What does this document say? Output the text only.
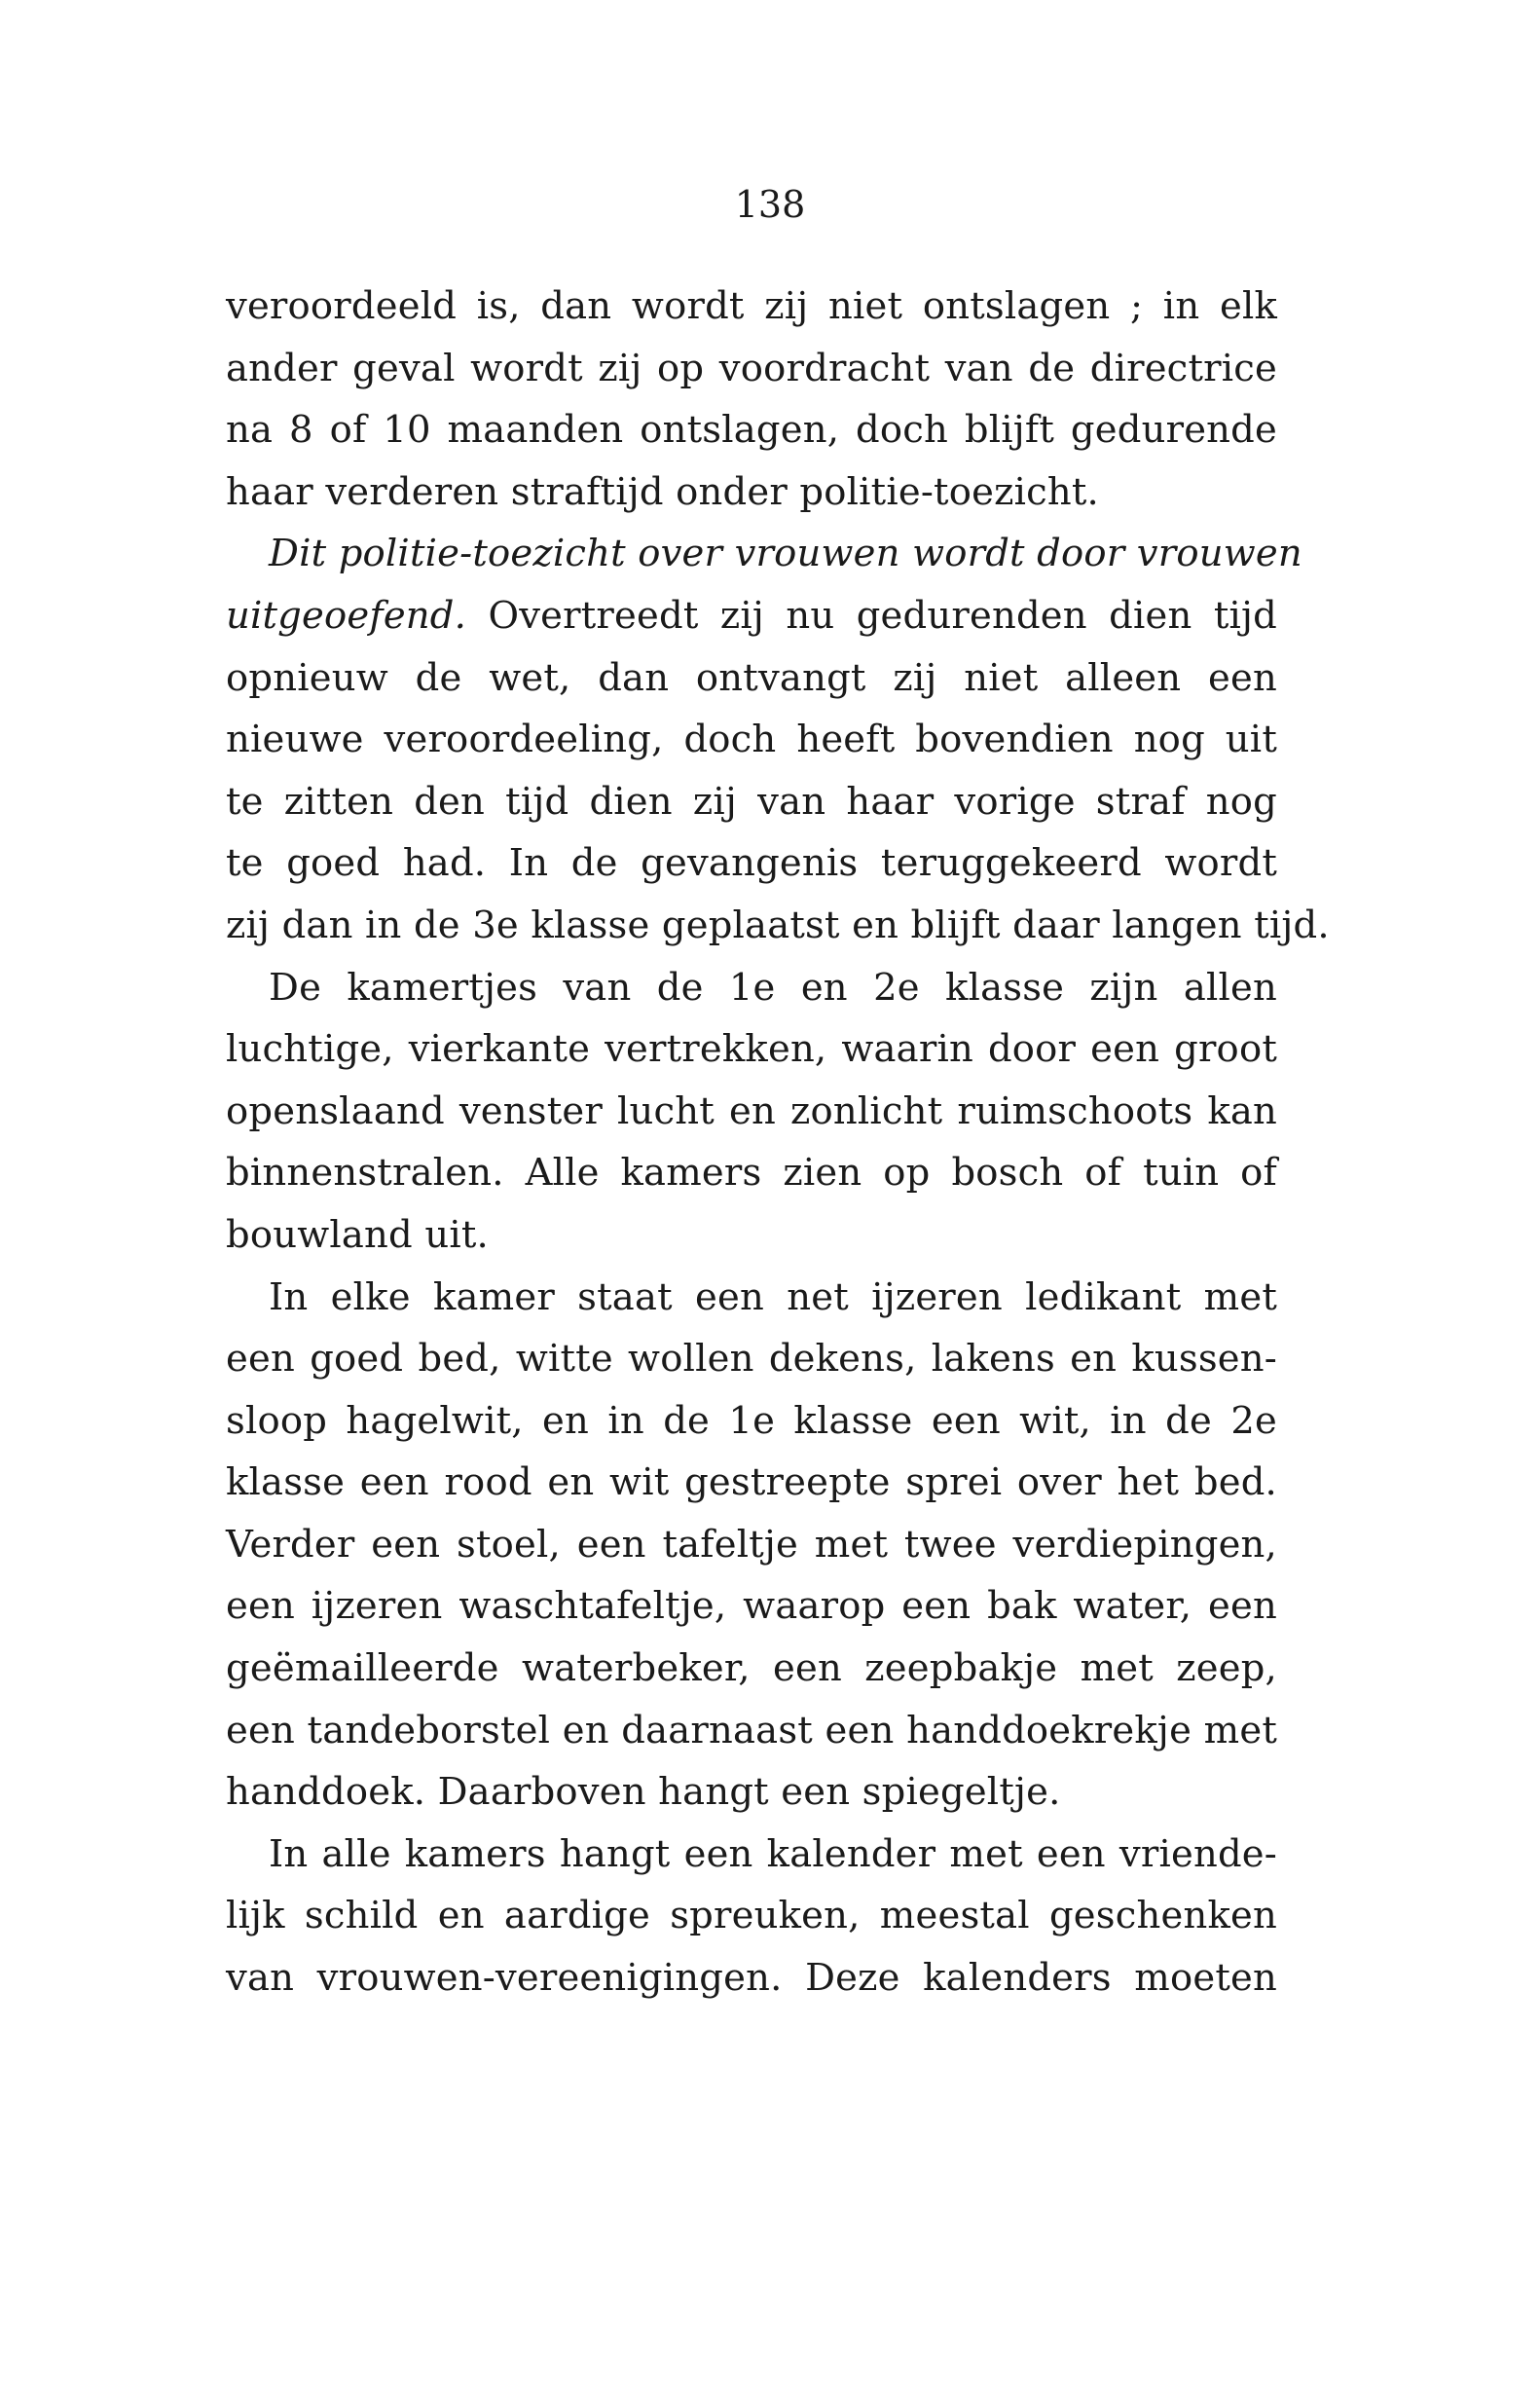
138
veroordeeld is, dan wordt zij niet ontslagen ; in elk
ander geval wordt zij op voordracht van de directrice
na 8 of 10 maanden ontslagen, doch blijft gedurende
haar verderen straftijd onder politie-toezicht.
Dit politie-toezicht over vrouwen wordt door vrouwen
uitgeoefend. Overtreedt zij nu gedurenden dien tijd
opnieuw de wet, dan ontvangt zij niet alleen een
nieuwe veroordeeling, doch heeft bovendien nog uit
te zitten den tijd dien zij van haar vorige straf nog
te goed had. In de gevangenis teruggekeerd wordt
zij dan in de 3e klasse geplaatst en blijft daar langen tijd.
De kamertjes van de 1e en 2e klasse zijn allen
luchtige, vierkante vertrekken, waarin door een groot
openslaand venster lucht en zonlicht ruimschoots kan
binnenstralen. Alle kamers zien op bosch of tuin of
bouwland uit.
In elke kamer staat een net ijzeren ledikant met
een goed bed, witte wollen dekens, lakens en kussen-
sloop hagelwit, en in de 1e klasse een wit, in de 2e
klasse een rood en wit gestreepte sprei over het bed.
Verder een stoel, een tafeltje met twee verdiepingen,
een ijzeren waschtafeltje, waarop een bak water, een
geëmailleerde waterbeker, een zeepbakje met zeep,
een tandeborstel en daarnaast een handdoekrekje met
handdoek. Daarboven hangt een spiegeltje.
In alle kamers hangt een kalender met een vriende-
lijk schild en aardige spreuken, meestal geschenken
van vrouwen-vereenigingen. Deze kalenders moeten
